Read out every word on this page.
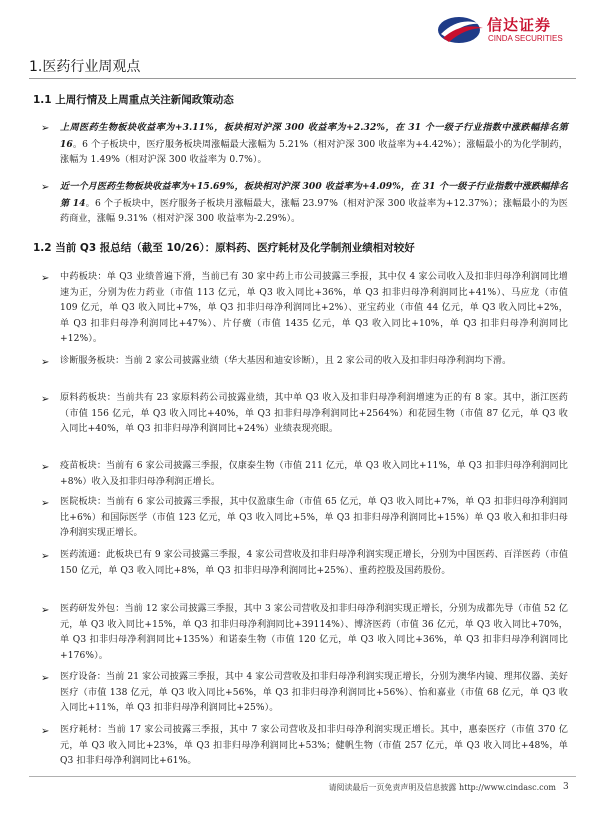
信达证券
CINDA SECURITIES
1.医药行业周观点
1.1 上周行情及上周重点关注新闻政策动态
➢ 上周医药生物板块收益率为+3.11%，板块相对沪深 300 收益率为+2.32%，在 31 个一级子行业指数中涨跌幅排名第 16。6 个子板块中，医疗服务板块周涨幅最大涨幅为 5.21%（相对沪深 300 收益率为+4.42%）；涨幅最小的为化学制药，涨幅为 1.49%（相对沪深 300 收益率为 0.7%）。
➢ 近一个月医药生物板块收益率为+15.69%，板块相对沪深 300 收益率为+4.09%，在 31 个一级子行业指数中涨跌幅排名第 14。6 个子板块中，医疗服务子板块月涨幅最大，涨幅 23.97%（相对沪深 300 收益率为+12.37%）；涨幅最小的为医药商业，涨幅 9.31%（相对沪深 300 收益率为-2.29%）。
1.2 当前 Q3 报总结（截至 10/26）：原料药、医疗耗材及化学制剂业绩相对较好
➢ 中药板块：单 Q3 业绩普遍下滑，当前已有 30 家中药上市公司披露三季报，其中仅 4 家公司收入及扣非归母净利润同比增速为正，分别为佐力药业（市值 113 亿元，单 Q3 收入同比+36%，单 Q3 扣非归母净利润同比+41%）、马应龙（市值 109 亿元，单 Q3 收入同比+7%，单 Q3 扣非归母净利润同比+2%）、亚宝药业（市值 44 亿元，单 Q3 收入同比+2%，单 Q3 扣非归母净利润同比+47%）、片仔癀（市值 1435 亿元，单 Q3 收入同比+10%，单 Q3 扣非归母净利润同比+12%）。
➢ 诊断服务板块：当前 2 家公司披露业绩（华大基因和迪安诊断），且 2 家公司的收入及扣非归母净利润均下滑。
➢ 原料药板块：当前共有 23 家原料药公司披露业绩，其中单 Q3 收入及扣非归母净利润增速为正的有 8 家。其中，浙江医药（市值 156 亿元，单 Q3 收入同比+40%，单 Q3 扣非归母净利润同比+2564%）和花园生物（市值 87 亿元，单 Q3 收入同比+40%，单 Q3 扣非归母净利润同比+24%）业绩表现亮眼。
➢ 疫苗板块：当前有 6 家公司披露三季报，仅康泰生物（市值 211 亿元，单 Q3 收入同比+11%，单 Q3 扣非归母净利润同比+8%）收入及扣非归母净利润正增长。
➢ 医院板块：当前有 6 家公司披露三季报，其中仅盈康生命（市值 65 亿元，单 Q3 收入同比+7%，单 Q3 扣非归母净利润同比+6%）和国际医学（市值 123 亿元，单 Q3 收入同比+5%，单 Q3 扣非归母净利润同比+15%）单 Q3 收入和扣非归母净利润实现正增长。
➢ 医药流通：此板块已有 9 家公司披露三季报，4 家公司营收及扣非归母净利润实现正增长，分别为中国医药、百洋医药（市值 150 亿元，单 Q3 收入同比+8%，单 Q3 扣非归母净利润同比+25%）、重药控股及国药股份。
➢ 医药研发外包：当前 12 家公司披露三季报，其中 3 家公司营收及扣非归母净利润实现正增长，分别为成都先导（市值 52 亿元，单 Q3 收入同比+15%，单 Q3 扣非归母净利润同比+39114%）、博济医药（市值 36 亿元，单 Q3 收入同比+70%，单 Q3 扣非归母净利润同比+135%）和诺泰生物（市值 120 亿元，单 Q3 收入同比+36%，单 Q3 扣非归母净利润同比+176%）。
➢ 医疗设备：当前 21 家公司披露三季报，其中 4 家公司营收及扣非归母净利润实现正增长，分别为澳华内镜、理邦仪器、美好医疗（市值 138 亿元，单 Q3 收入同比+56%，单 Q3 扣非归母净利润同比+56%）、怡和嘉业（市值 68 亿元，单 Q3 收入同比+11%，单 Q3 扣非归母净利润同比+25%）。
➢ 医疗耗材：当前 17 家公司披露三季报，其中 7 家公司营收及扣非归母净利润实现正增长。其中，惠泰医疗（市值 370 亿元，单 Q3 收入同比+23%，单 Q3 扣非归母净利润同比+53%；健帆生物（市值 257 亿元，单 Q3 收入同比+48%，单 Q3 扣非归母净利润同比+61%。
请阅读最后一页免责声明及信息披露 http://www.cindasc.com 3
